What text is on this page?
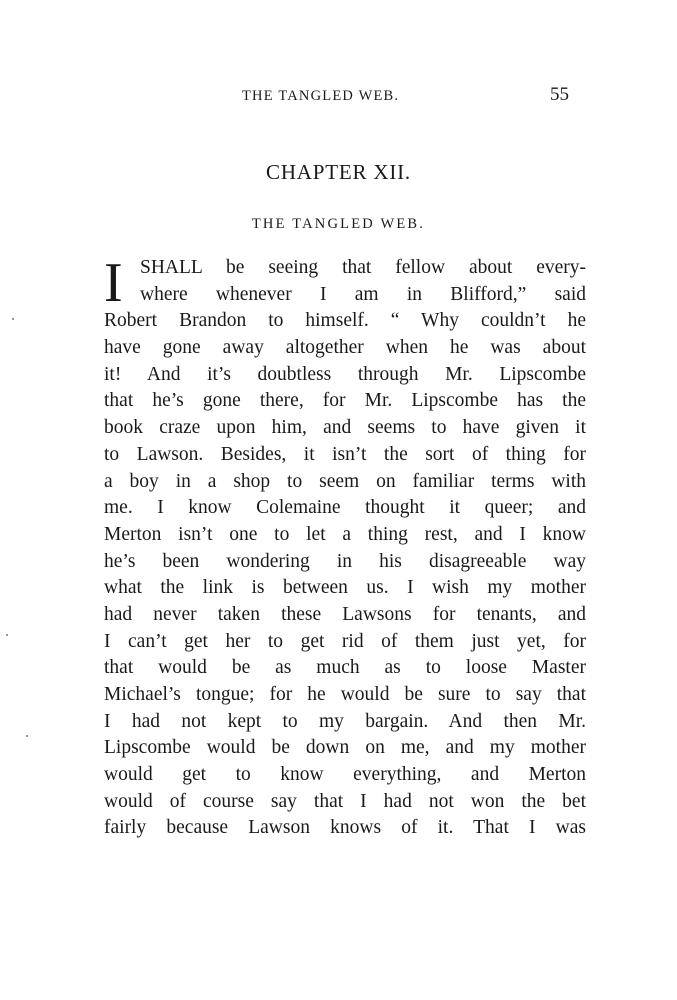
THE TANGLED WEB.	55
CHAPTER XII.
THE TANGLED WEB.
I SHALL be seeing that fellow about every-
where whenever I am in Blifford,” said
Robert Brandon to himself. “ Why couldn’t he
have gone away altogether when he was about
it! And it’s doubtless through Mr. Lipscombe
that he’s gone there, for Mr. Lipscombe has the
book craze upon him, and seems to have given it
to Lawson. Besides, it isn’t the sort of thing for
a boy in a shop to seem on familiar terms with
me. I know Colemaine thought it queer; and
Merton isn’t one to let a thing rest, and I know
he’s been wondering in his disagreeable way
what the link is between us. I wish my mother
had never taken these Lawsons for tenants, and
I can’t get her to get rid of them just yet, for
that would be as much as to loose Master
Michael’s tongue; for he would be sure to say that
I had not kept to my bargain. And then Mr.
Lipscombe would be down on me, and my mother
would get to know everything, and Merton
would of course say that I had not won the bet
fairly because Lawson knows of it. That I was
